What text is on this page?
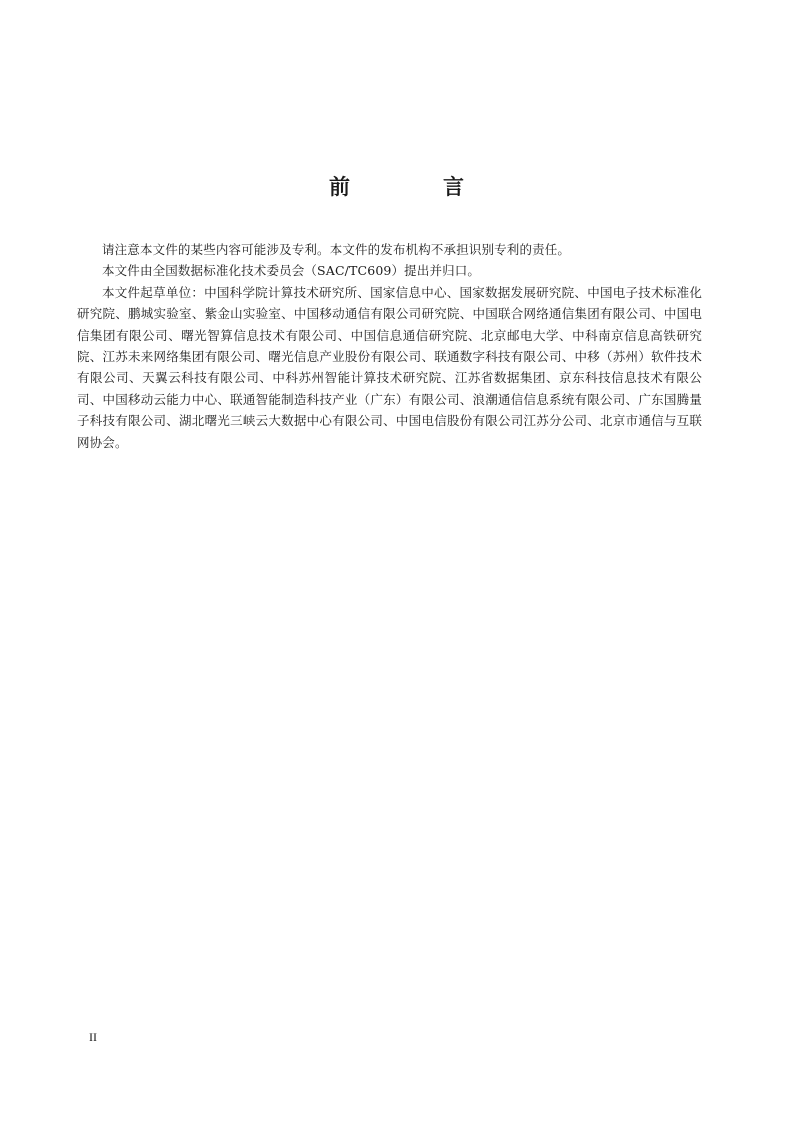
前　言

请注意本文件的某些内容可能涉及专利。本文件的发布机构不承担识别专利的责任。

本文件由全国数据标准化技术委员会（SAC/TC609）提出并归口。

本文件起草单位：中国科学院计算技术研究所、国家信息中心、国家数据发展研究院、中国电子技术标准化研究院、鹏城实验室、紫金山实验室、中国移动通信有限公司研究院、中国联合网络通信集团有限公司、中国电信集团有限公司、曙光智算信息技术有限公司、中国信息通信研究院、北京邮电大学、中科南京信息高铁研究院、江苏未来网络集团有限公司、曙光信息产业股份有限公司、联通数字科技有限公司、中移（苏州）软件技术有限公司、天翼云科技有限公司、中科苏州智能计算技术研究院、江苏省数据集团、京东科技信息技术有限公司、中国移动云能力中心、联通智能制造科技产业（广东）有限公司、浪潮通信信息系统有限公司、广东国腾量子科技有限公司、湖北曙光三峡云大数据中心有限公司、中国电信股份有限公司江苏分公司、北京市通信与互联网协会。

II
